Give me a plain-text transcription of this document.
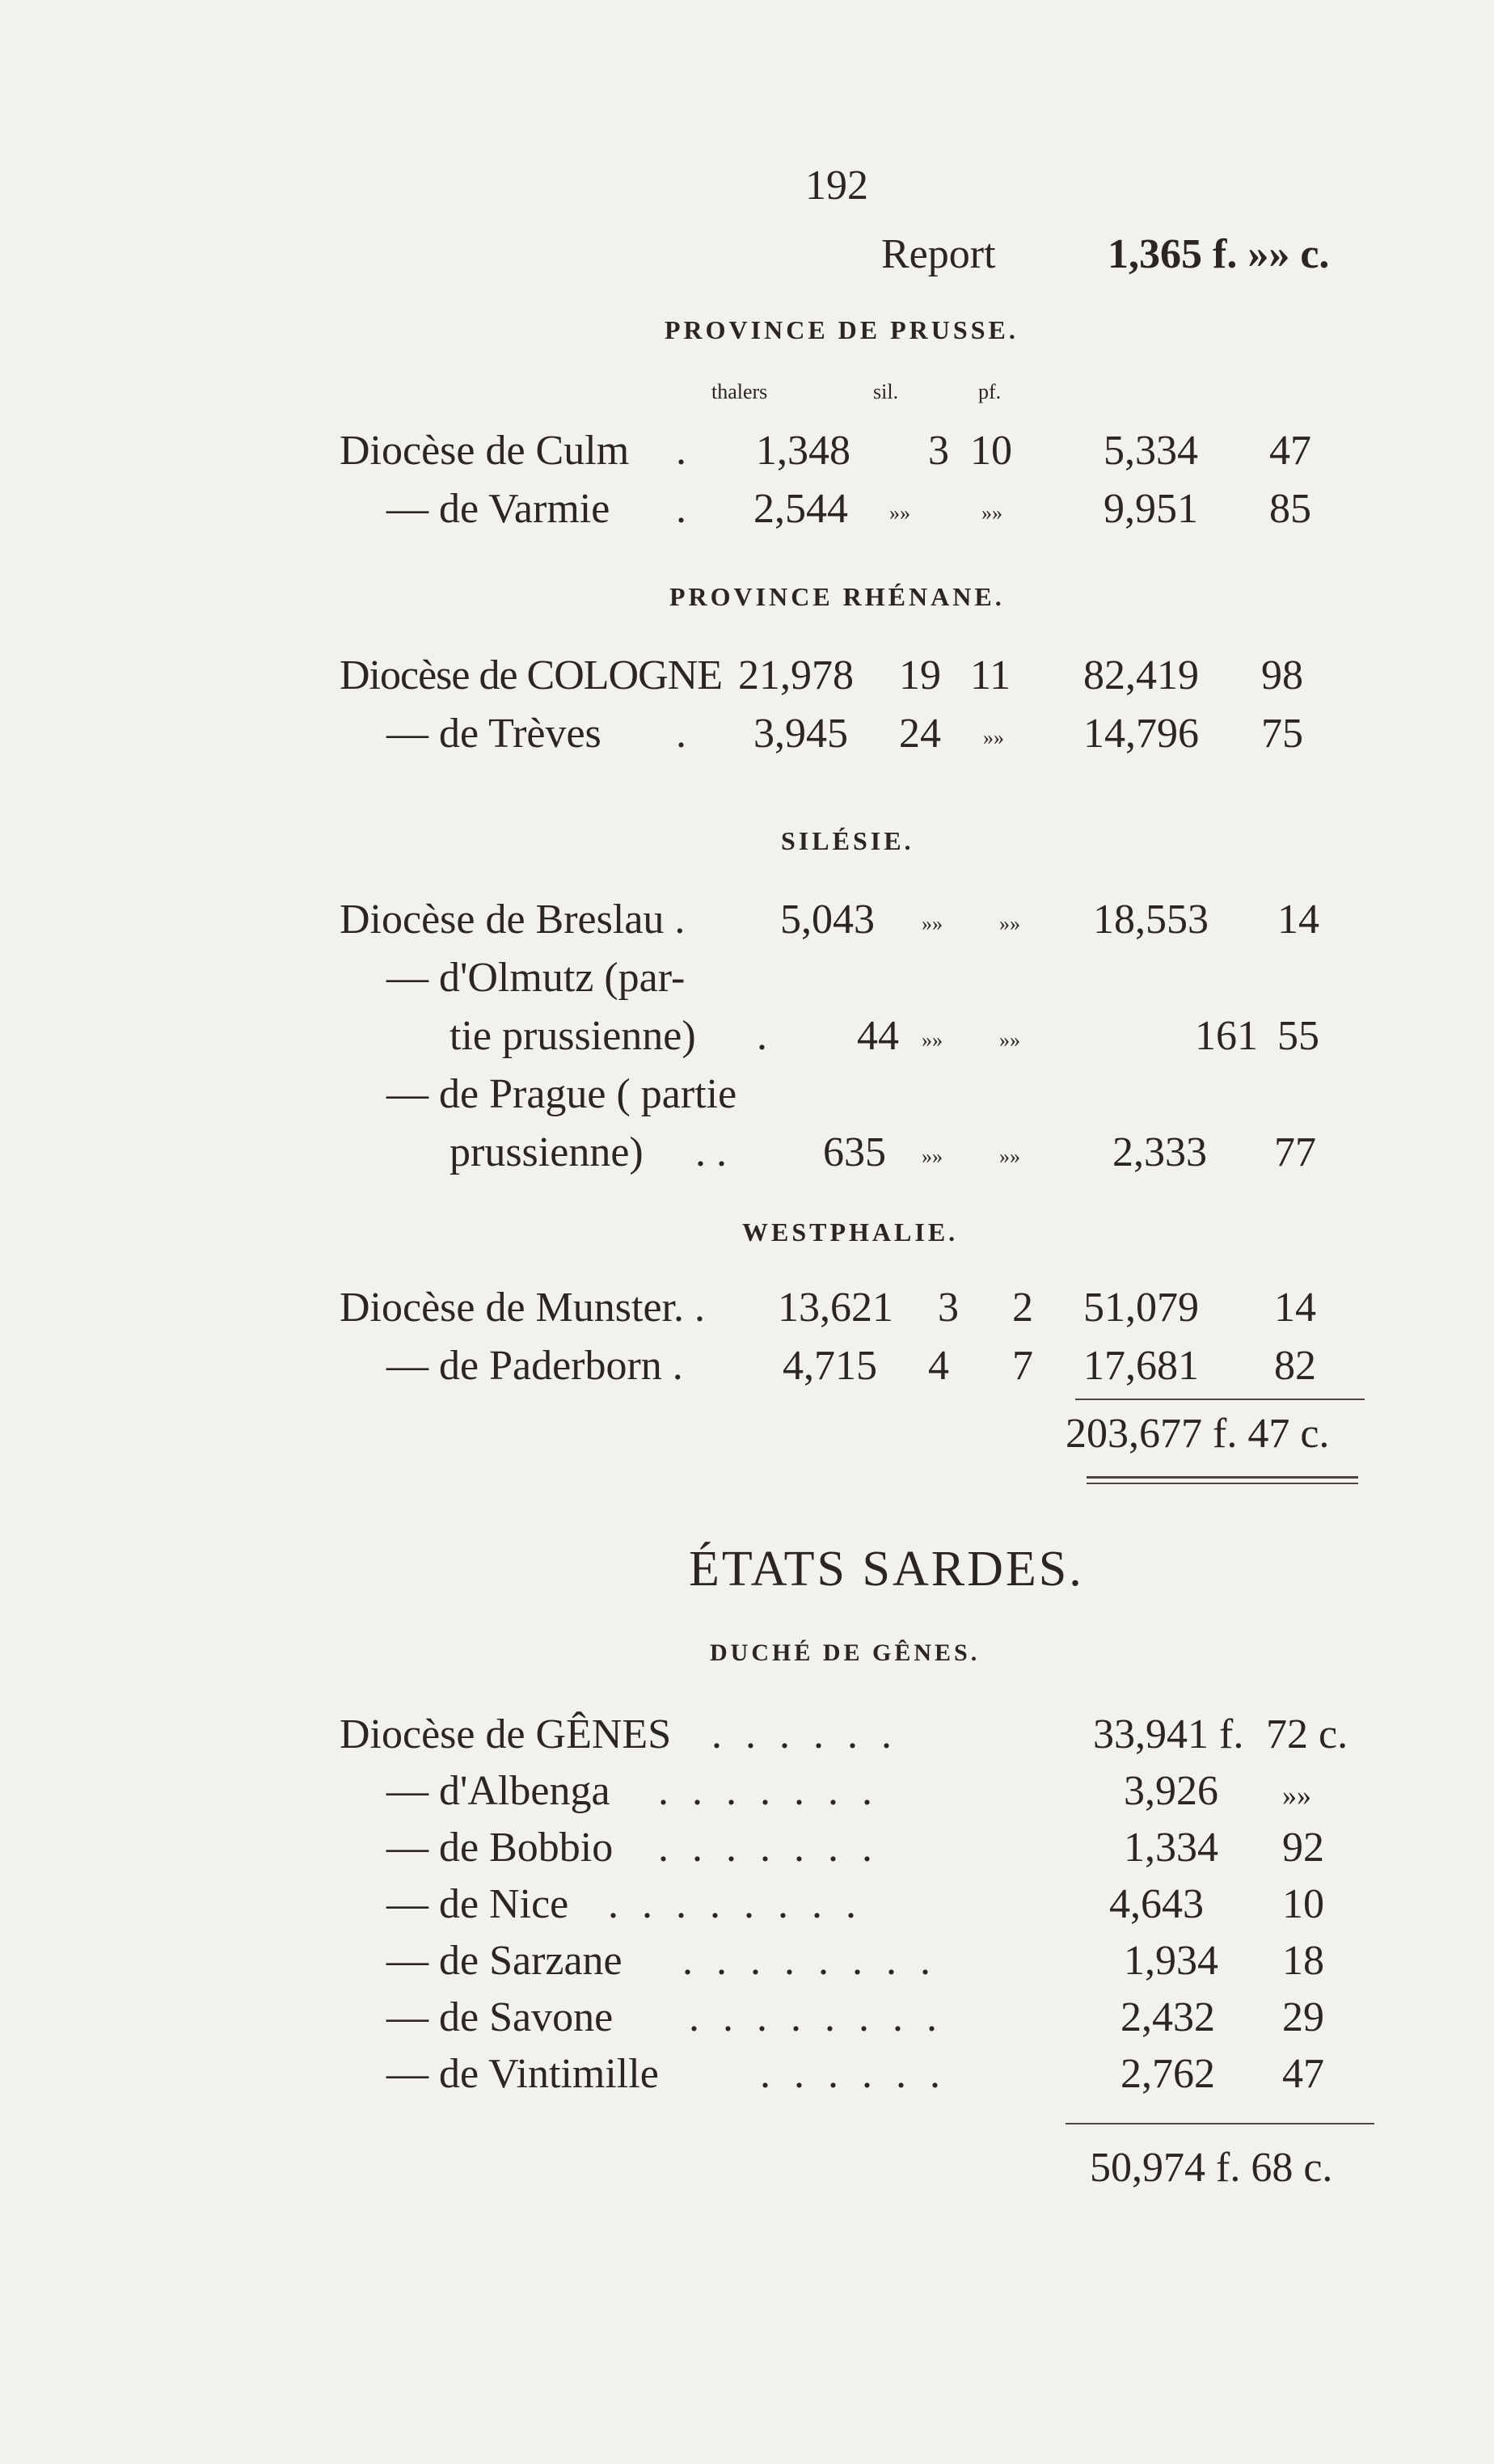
192
Report	1,365 f. »» c.
PROVINCE DE PRUSSE.
thalers	sil.	pf.
Diocèse de Culm . 1,348 3 10 5,334 47
— de Varmie . 2,544 »»	»» 9,951 85
PROVINCE RHÉNANE.
Diocèse de COLOGNE 21,978 19 11 82,419 98
— de Trèves . 3,945 24 »» 14,796 75
SILÉSIE.
Diocèse de Breslau . 5,043 »»	»» 18,553 14
— d'Olmutz (par-
tie prussienne) . 44 »»	»»	161 55
— de Prague ( partie
prussienne) . . 635 »»	»» 2,333 77
WESTPHALIE.
Diocèse de Munster. . 13,621 3 2 51,079 14
— de Paderborn . 4,715 4 7 17,681 82
203,677 f. 47 c.
ÉTATS SARDES.
DUCHÉ DE GÊNES.
Diocèse de GÊNES . . . . . .	33,941 f. 72 c.
— d'Albenga . . . . . . .	3,926 »»
— de Bobbio . . . . . . .	1,334 92
— de Nice . . . . . . . .	4,643 10
— de Sarzane . . . . . . . .	1,934 18
— de Savone . . . . . . . .	2,432 29
— de Vintimille . . . . . .	2,762 47
50,974 f. 68 c.
